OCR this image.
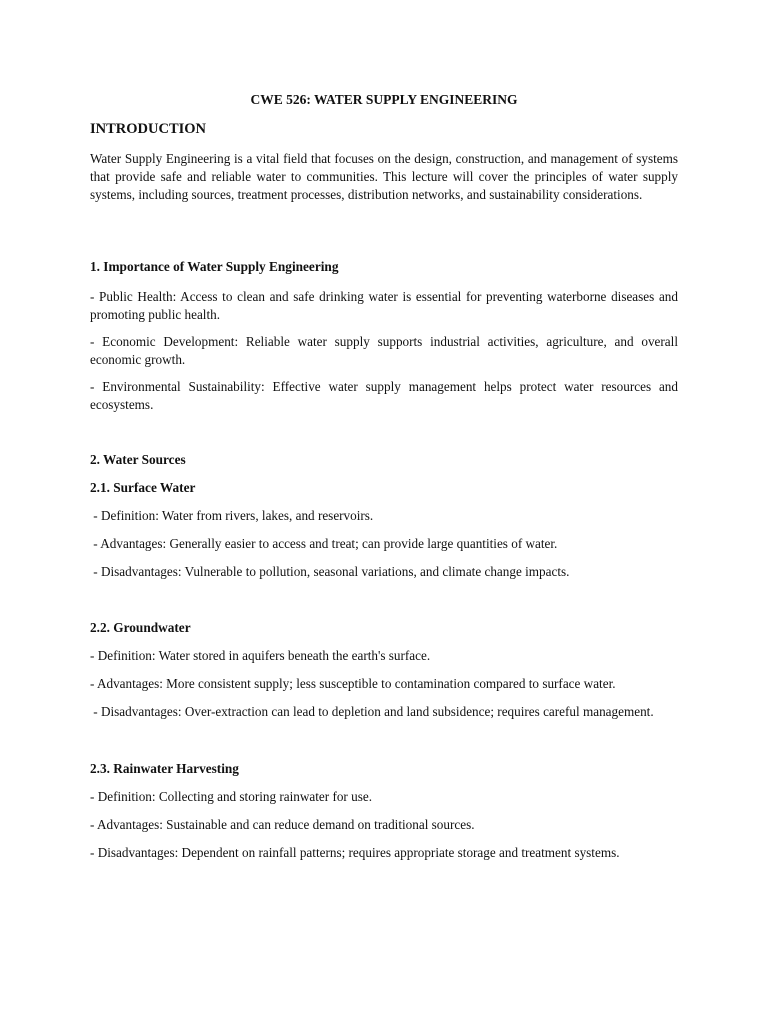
CWE 526: WATER SUPPLY ENGINEERING
INTRODUCTION
Water Supply Engineering is a vital field that focuses on the design, construction, and management of systems that provide safe and reliable water to communities. This lecture will cover the principles of water supply systems, including sources, treatment processes, distribution networks, and sustainability considerations.
1. Importance of Water Supply Engineering
- Public Health: Access to clean and safe drinking water is essential for preventing waterborne diseases and promoting public health.
- Economic Development: Reliable water supply supports industrial activities, agriculture, and overall economic growth.
- Environmental Sustainability: Effective water supply management helps protect water resources and ecosystems.
2. Water Sources
2.1. Surface Water
- Definition: Water from rivers, lakes, and reservoirs.
- Advantages: Generally easier to access and treat; can provide large quantities of water.
- Disadvantages: Vulnerable to pollution, seasonal variations, and climate change impacts.
2.2. Groundwater
- Definition: Water stored in aquifers beneath the earth's surface.
- Advantages: More consistent supply; less susceptible to contamination compared to surface water.
- Disadvantages: Over-extraction can lead to depletion and land subsidence; requires careful management.
2.3. Rainwater Harvesting
- Definition: Collecting and storing rainwater for use.
- Advantages: Sustainable and can reduce demand on traditional sources.
- Disadvantages: Dependent on rainfall patterns; requires appropriate storage and treatment systems.
